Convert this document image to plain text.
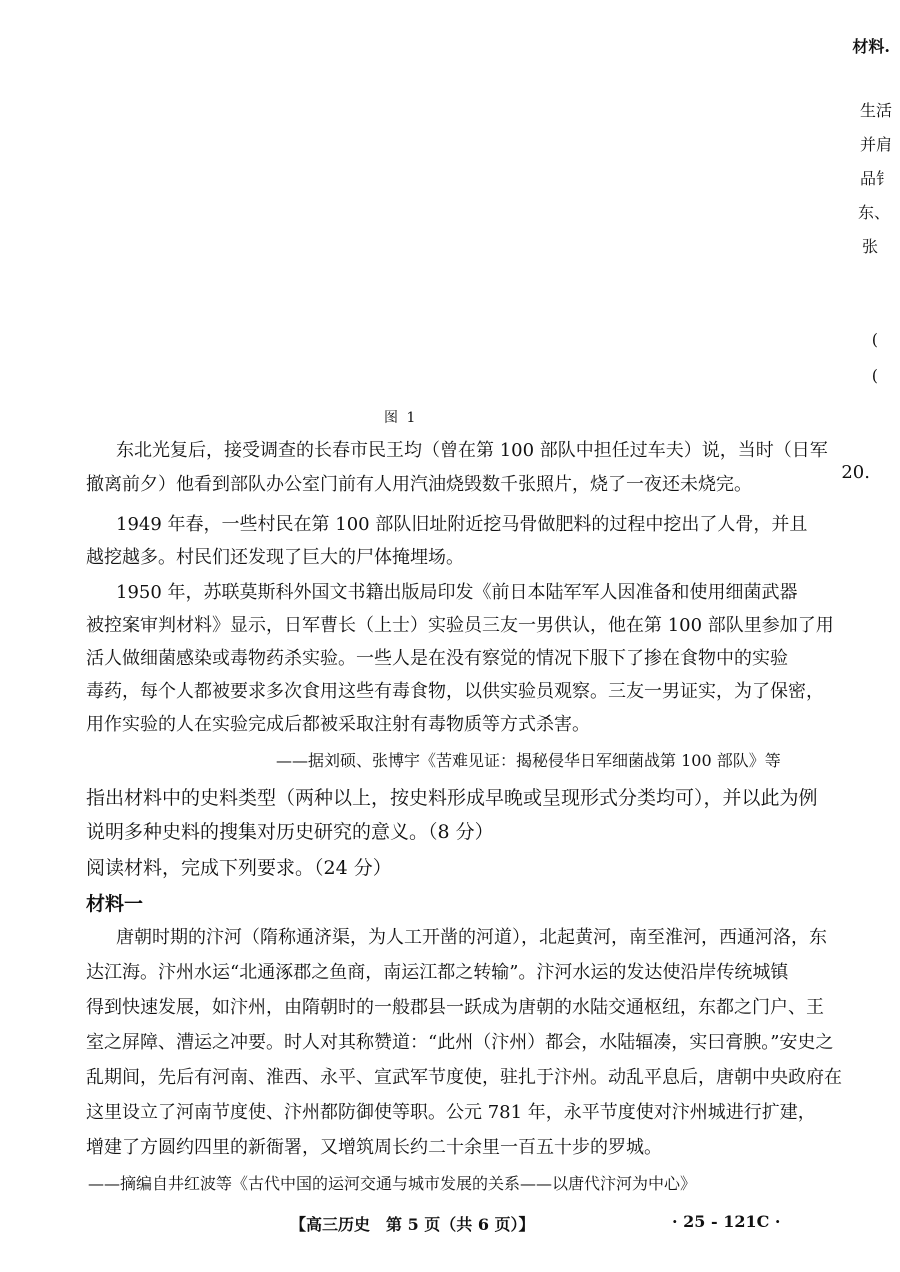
材料.
生活
并肩
品钅
东、
张
(
(
20.
图 1
东北光复后，接受调查的长春市民王均（曾在第 100 部队中担任过车夫）说，当时（日军
撤离前夕）他看到部队办公室门前有人用汽油烧毁数千张照片，烧了一夜还未烧完。
1949 年春，一些村民在第 100 部队旧址附近挖马骨做肥料的过程中挖出了人骨，并且
越挖越多。村民们还发现了巨大的尸体掩埋场。
1950 年，苏联莫斯科外国文书籍出版局印发《前日本陆军军人因准备和使用细菌武器
被控案审判材料》显示，日军曹长（上士）实验员三友一男供认，他在第 100 部队里参加了用
活人做细菌感染或毒物药杀实验。一些人是在没有察觉的情况下服下了掺在食物中的实验
毒药，每个人都被要求多次食用这些有毒食物，以供实验员观察。三友一男证实，为了保密，
用作实验的人在实验完成后都被采取注射有毒物质等方式杀害。
——据刘硕、张博宇《苦难见证：揭秘侵华日军细菌战第 100 部队》等
指出材料中的史料类型（两种以上，按史料形成早晚或呈现形式分类均可），并以此为例
说明多种史料的搜集对历史研究的意义。（8 分）
阅读材料，完成下列要求。（24 分）
材料一
唐朝时期的汴河（隋称通济渠，为人工开凿的河道），北起黄河，南至淮河，西通河洛，东
达江海。汴州水运“北通涿郡之鱼商，南运江都之转输”。汴河水运的发达使沿岸传统城镇
得到快速发展，如汴州，由隋朝时的一般郡县一跃成为唐朝的水陆交通枢纽，东都之门户、王
室之屏障、漕运之冲要。时人对其称赞道：“此州（汴州）都会，水陆辐凑，实曰膏腴。”安史之
乱期间，先后有河南、淮西、永平、宣武军节度使，驻扎于汴州。动乱平息后，唐朝中央政府在
这里设立了河南节度使、汴州都防御使等职。公元 781 年，永平节度使对汴州城进行扩建，
增建了方圆约四里的新衙署，又增筑周长约二十余里一百五十步的罗城。
——摘编自井红波等《古代中国的运河交通与城市发展的关系——以唐代汴河为中心》
【高三历史　第 5 页（共 6 页）】	· 25 - 121C ·
